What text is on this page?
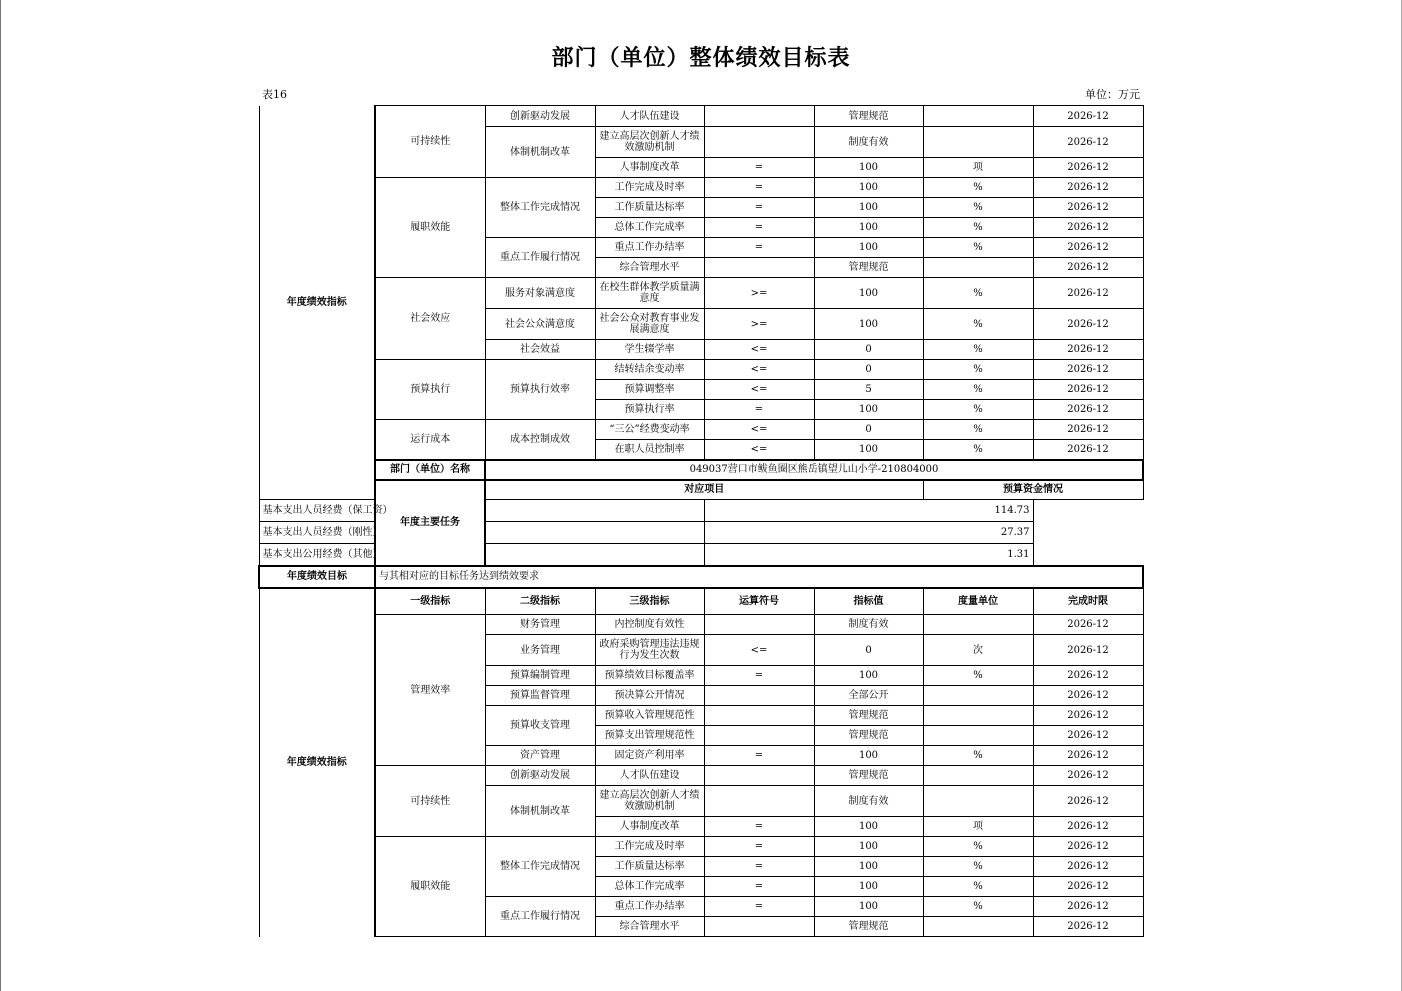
部门（单位）整体绩效目标表
表16	单位：万元
年度绩效指标	可持续性	创新驱动发展	人才队伍建设		管理规范		2026-12
		体制机制改革	建立高层次创新人才绩效激励机制		制度有效		2026-12
			人事制度改革	=	100	项	2026-12
	履职效能	整体工作完成情况	工作完成及时率	=	100	%	2026-12
			工作质量达标率	=	100	%	2026-12
			总体工作完成率	=	100	%	2026-12
		重点工作履行情况	重点工作办结率	=	100	%	2026-12
			综合管理水平		管理规范		2026-12
	社会效应	服务对象满意度	在校生群体教学质量满意度	>=	100	%	2026-12
		社会公众满意度	社会公众对教育事业发展满意度	>=	100	%	2026-12
		社会效益	学生辍学率	<=	0	%	2026-12
	预算执行	预算执行效率	结转结余变动率	<=	0	%	2026-12
			预算调整率	<=	5	%	2026-12
			预算执行率	=	100	%	2026-12
	运行成本	成本控制成效	“三公”经费变动率	<=	0	%	2026-12
			在职人员控制率	<=	100	%	2026-12
	部门（单位）名称	049037营口市鲅鱼圈区熊岳镇望儿山小学-210804000					
	年度主要任务	对应项目				预算资金情况	
基本支出人员经费（保工资）				114.73			
基本支出人员经费（刚性）				27.37			
基本支出公用经费（其他）				1.31			
年度绩效目标	与其相对应的目标任务达到绩效要求						
年度绩效指标	一级指标	二级指标	三级指标	运算符号	指标值	度量单位	完成时限
	管理效率	财务管理	内控制度有效性		制度有效		2026-12
		业务管理	政府采购管理违法违规行为发生次数	<=	0	次	2026-12
		预算编制管理	预算绩效目标覆盖率	=	100	%	2026-12
		预算监督管理	预决算公开情况		全部公开		2026-12
		预算收支管理	预算收入管理规范性		管理规范		2026-12
			预算支出管理规范性		管理规范		2026-12
		资产管理	固定资产利用率	=	100	%	2026-12
	可持续性	创新驱动发展	人才队伍建设		管理规范		2026-12
		体制机制改革	建立高层次创新人才绩效激励机制		制度有效		2026-12
			人事制度改革	=	100	项	2026-12
	履职效能	整体工作完成情况	工作完成及时率	=	100	%	2026-12
			工作质量达标率	=	100	%	2026-12
			总体工作完成率	=	100	%	2026-12
		重点工作履行情况	重点工作办结率	=	100	%	2026-12
			综合管理水平		管理规范		2026-12
